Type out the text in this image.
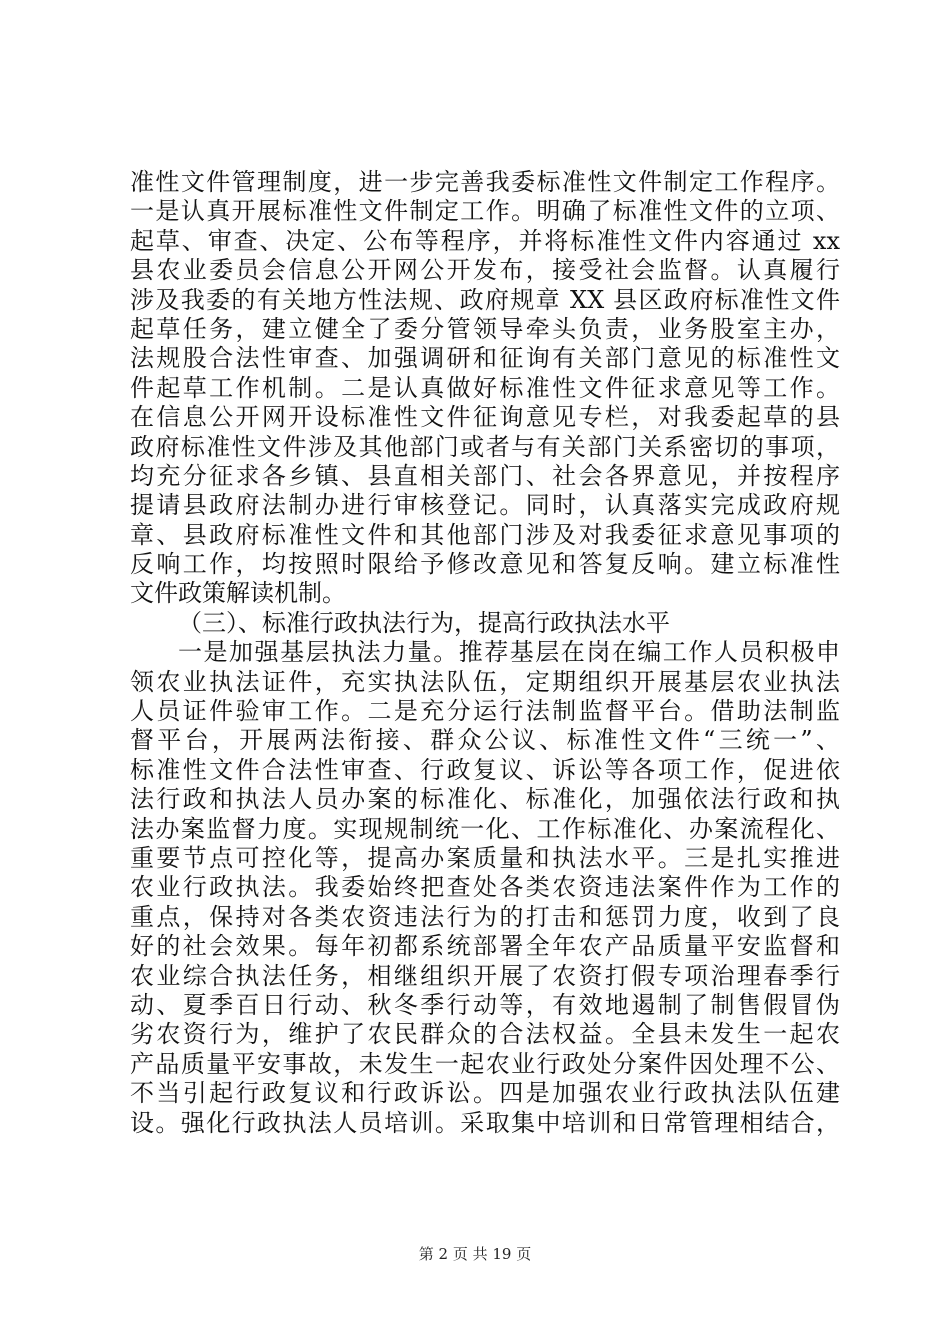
准性文件管理制度，进一步完善我委标准性文件制定工作程序。
一是认真开展标准性文件制定工作。明确了标准性文件的立项、
起草、审查、决定、公布等程序，并将标准性文件内容通过 xx
县农业委员会信息公开网公开发布，接受社会监督。认真履行
涉及我委的有关地方性法规、政府规章 XX 县区政府标准性文件
起草任务，建立健全了委分管领导牵头负责，业务股室主办，
法规股合法性审查、加强调研和征询有关部门意见的标准性文
件起草工作机制。二是认真做好标准性文件征求意见等工作。
在信息公开网开设标准性文件征询意见专栏，对我委起草的县
政府标准性文件涉及其他部门或者与有关部门关系密切的事项，
均充分征求各乡镇、县直相关部门、社会各界意见，并按程序
提请县政府法制办进行审核登记。同时，认真落实完成政府规
章、县政府标准性文件和其他部门涉及对我委征求意见事项的
反响工作，均按照时限给予修改意见和答复反响。建立标准性
文件政策解读机制。
（三）、标准行政执法行为，提高行政执法水平
一是加强基层执法力量。推荐基层在岗在编工作人员积极申
领农业执法证件，充实执法队伍，定期组织开展基层农业执法
人员证件验审工作。二是充分运行法制监督平台。借助法制监
督平台，开展两法衔接、群众公议、标准性文件“三统一”、
标准性文件合法性审查、行政复议、诉讼等各项工作，促进依
法行政和执法人员办案的标准化、标准化，加强依法行政和执
法办案监督力度。实现规制统一化、工作标准化、办案流程化、
重要节点可控化等，提高办案质量和执法水平。三是扎实推进
农业行政执法。我委始终把查处各类农资违法案件作为工作的
重点，保持对各类农资违法行为的打击和惩罚力度，收到了良
好的社会效果。每年初都系统部署全年农产品质量平安监督和
农业综合执法任务，相继组织开展了农资打假专项治理春季行
动、夏季百日行动、秋冬季行动等，有效地遏制了制售假冒伪
劣农资行为，维护了农民群众的合法权益。全县未发生一起农
产品质量平安事故，未发生一起农业行政处分案件因处理不公、
不当引起行政复议和行政诉讼。四是加强农业行政执法队伍建
设。强化行政执法人员培训。采取集中培训和日常管理相结合，
第 2 页 共 19 页
